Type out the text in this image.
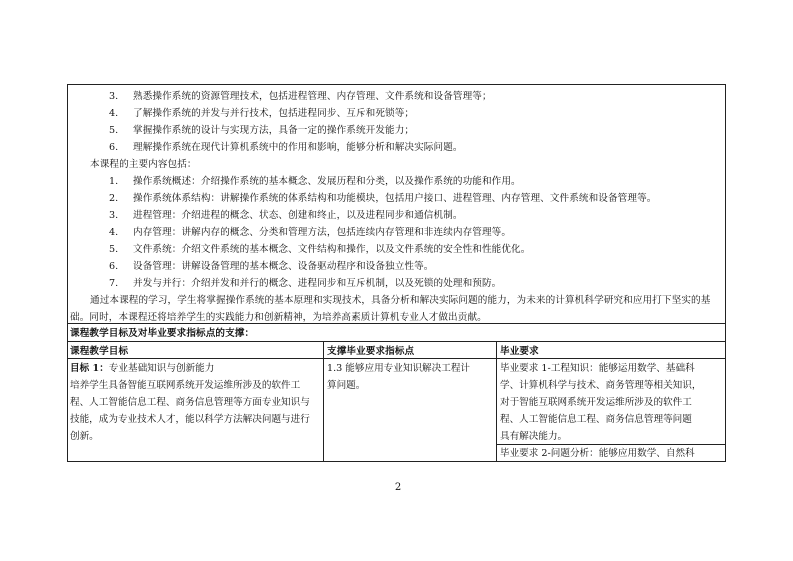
3. 熟悉操作系统的资源管理技术，包括进程管理、内存管理、文件系统和设备管理等；
4. 了解操作系统的并发与并行技术，包括进程同步、互斥和死锁等；
5. 掌握操作系统的设计与实现方法，具备一定的操作系统开发能力；
6. 理解操作系统在现代计算机系统中的作用和影响，能够分析和解决实际问题。
本课程的主要内容包括：
1. 操作系统概述：介绍操作系统的基本概念、发展历程和分类，以及操作系统的功能和作用。
2. 操作系统体系结构：讲解操作系统的体系结构和功能模块，包括用户接口、进程管理、内存管理、文件系统和设备管理等。
3. 进程管理：介绍进程的概念、状态、创建和终止，以及进程同步和通信机制。
4. 内存管理：讲解内存的概念、分类和管理方法，包括连续内存管理和非连续内存管理等。
5. 文件系统：介绍文件系统的基本概念、文件结构和操作，以及文件系统的安全性和性能优化。
6. 设备管理：讲解设备管理的基本概念、设备驱动程序和设备独立性等。
7. 并发与并行：介绍并发和并行的概念、进程同步和互斥机制，以及死锁的处理和预防。
通过本课程的学习，学生将掌握操作系统的基本原理和实现技术，具备分析和解决实际问题的能力，为未来的计算机科学研究和应用打下坚实的基
础。同时，本课程还将培养学生的实践能力和创新精神，为培养高素质计算机专业人才做出贡献。
课程教学目标及对毕业要求指标点的支撑：
课程教学目标	支撑毕业要求指标点	毕业要求
目标 1：专业基础知识与创新能力
培养学生具备智能互联网系统开发运维所涉及的软件工
程、人工智能信息工程、商务信息管理等方面专业知识与
技能，成为专业技术人才，能以科学方法解决问题与进行
创新。
1.3 能够应用专业知识解决工程计
算问题。
毕业要求 1-工程知识：能够运用数学、基础科
学、计算机科学与技术、商务管理等相关知识，
对于智能互联网系统开发运维所涉及的软件工
程、人工智能信息工程、商务信息管理等问题
具有解决能力。
毕业要求 2-问题分析：能够应用数学、自然科
2
